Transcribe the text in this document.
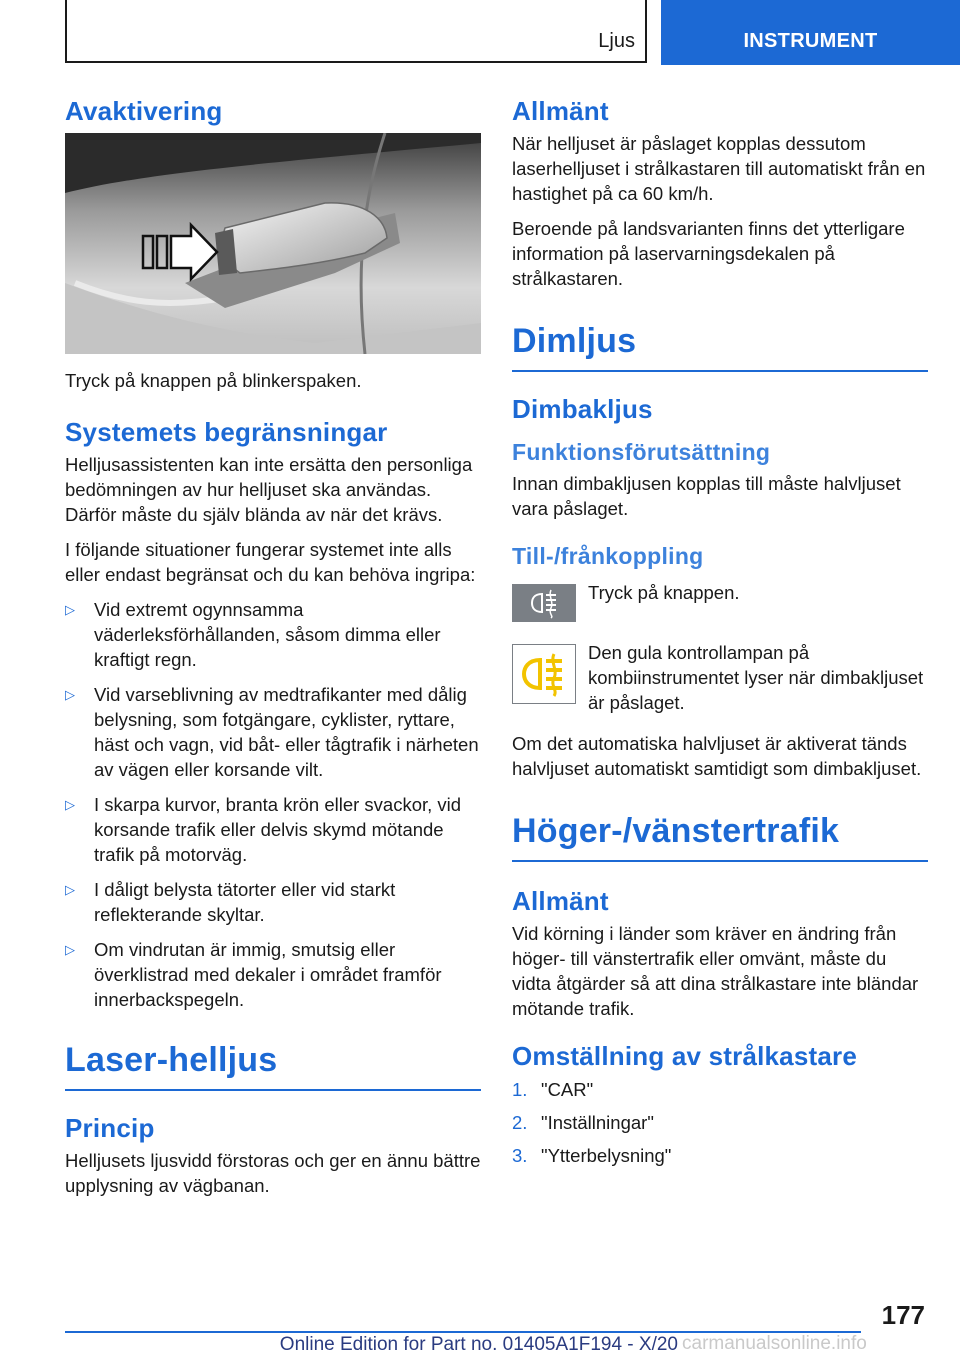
Ljus	INSTRUMENT
Avaktivering

Tryck på knappen på blinkerspaken.

Systemets begränsningar

Helljusassistenten kan inte ersätta den personliga bedömningen av hur helljuset ska användas. Därför måste du själv blända av när det krävs.

I följande situationer fungerar systemet inte alls eller endast begränsat och du kan behöva ingripa:

▷ Vid extremt ogynnsamma väderleksförhållanden, såsom dimma eller kraftigt regn.
▷ Vid varseblivning av medtrafikanter med dålig belysning, som fotgängare, cyklister, ryttare, häst och vagn, vid båt- eller tågtrafik i närheten av vägen eller korsande vilt.
▷ I skarpa kurvor, branta krön eller svackor, vid korsande trafik eller delvis skymd mötande trafik på motorväg.
▷ I dåligt belysta tätorter eller vid starkt reflekterande skyltar.
▷ Om vindrutan är immig, smutsig eller överklistrad med dekaler i området framför innerbackspegeln.
Laser-helljus
Princip

Helljusets ljusvidd förstoras och ger en ännu bättre upplysning av vägbanan.

Allmänt

När helljuset är påslaget kopplas dessutom laserhelljuset i strålkastaren till automatiskt från en hastighet på ca 60 km/h.

Beroende på landsvarianten finns det ytterligare information på laservarningsdekalen på strålkastaren.

Dimljus
Dimbakljus
Funktionsförutsättning

Innan dimbakljusen kopplas till måste halvljuset vara påslaget.

Till-/frånkoppling

Tryck på knappen.

Den gula kontrollampan på kombiinstrumentet lyser när dimbakljuset är påslaget.

Om det automatiska halvljuset är aktiverat tänds halvljuset automatiskt samtidigt som dimbakljuset.

Höger-/vänstertrafik
Allmänt

Vid körning i länder som kräver en ändring från höger- till vänstertrafik eller omvänt, måste du vidta åtgärder så att dina strålkastare inte bländar mötande trafik.

Omställning av strålkastare
1. "CAR"
2. "Inställningar"
3. "Ytterbelysning"
177
carmanualsonline.info
Online Edition for Part no. 01405A1F194 - X/20
